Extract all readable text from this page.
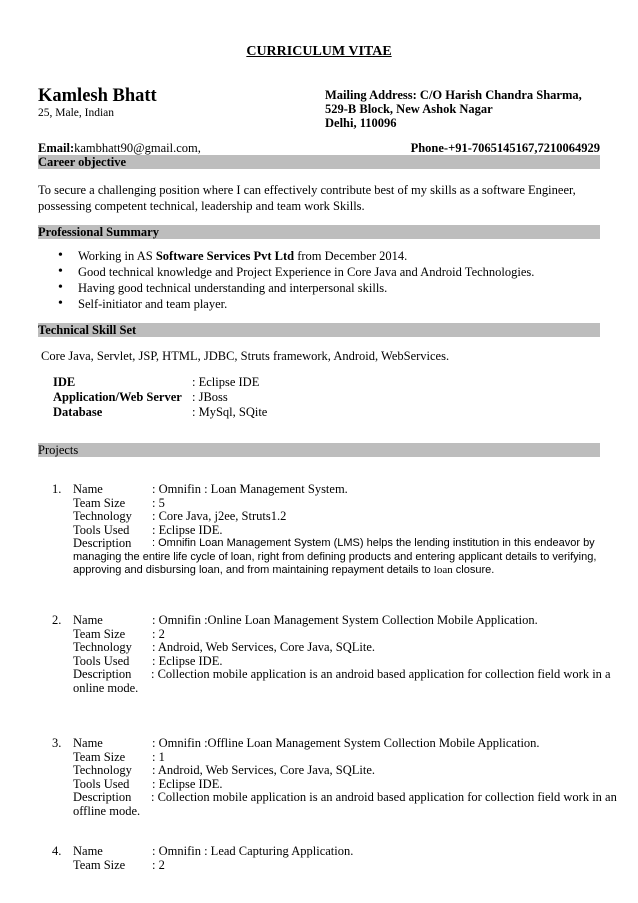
CURRICULUM VITAE
Kamlesh Bhatt
25, Male, Indian
Mailing Address: C/O Harish Chandra Sharma,
529-B Block, New Ashok Nagar
Delhi, 110096
Email:kambhatt90@gmail.com,	Phone-+91-7065145167,7210064929
Career objective
To secure a challenging position where I can effectively contribute best of my skills as a software Engineer, possessing competent technical, leadership and team work Skills.
Professional Summary
• Working in AS Software Services Pvt Ltd from December 2014.
• Good technical knowledge and Project Experience in Core Java and Android Technologies.
• Having good technical understanding and interpersonal skills.
• Self-initiator and team player.
Technical Skill Set
Core Java, Servlet, JSP, HTML, JDBC, Struts framework, Android, WebServices.
IDE	: Eclipse IDE
Application/Web Server : JBoss
Database	: MySql, SQite
Projects
1. Name	: Omnifin : Loan Management System.
Team Size : 5
Technology : Core Java, j2ee, Struts1.2
Tools Used : Eclipse IDE.
Description : Omnifin Loan Management System (LMS) helps the lending institution in this endeavor by
managing the entire life cycle of loan, right from defining products and entering applicant details to verifying,
approving and disbursing loan, and from maintaining repayment details to loan closure.
2. Name	: Omnifin :Online Loan Management System Collection Mobile Application.
Team Size : 2
Technology : Android, Web Services, Core Java, SQLite.
Tools Used : Eclipse IDE.
Description : Collection mobile application is an android based application for collection field work in a
online mode.
3. Name	: Omnifin :Offline Loan Management System Collection Mobile Application.
Team Size : 1
Technology : Android, Web Services, Core Java, SQLite.
Tools Used : Eclipse IDE.
Description : Collection mobile application is an android based application for collection field work in an
offline mode.
4. Name	: Omnifin : Lead Capturing Application.
Team Size : 2
